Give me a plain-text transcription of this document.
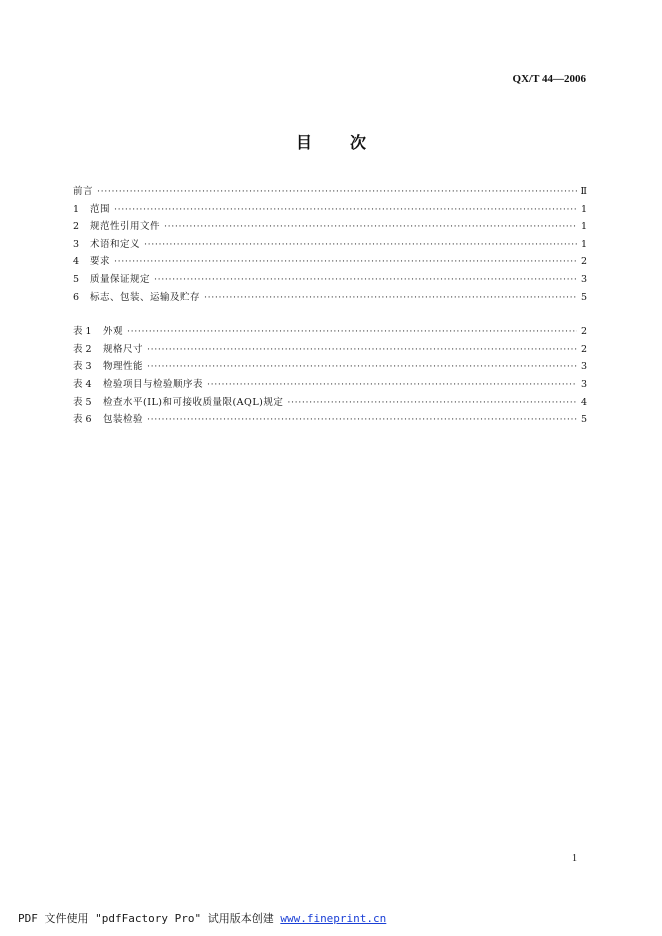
QX/T 44—2006
目 次
前言 ·····	Ⅱ
1	范围 ·····	1
2	规范性引用文件 ·····	1
3	术语和定义 ·····	1
4	要求 ·····	2
5	质量保证规定 ·····	3
6	标志、包装、运输及贮存 ·····	5
表 1	外观 ·····	2
表 2	规格尺寸 ·····	2
表 3	物理性能 ·····	3
表 4	检验项目与检验顺序表 ·····	3
表 5	检查水平(IL)和可接收质量限(AQL)规定 ·····	4
表 6	包装检验 ·····	5
1
PDF 文件使用 "pdfFactory Pro" 试用版本创建 www.fineprint.cn
